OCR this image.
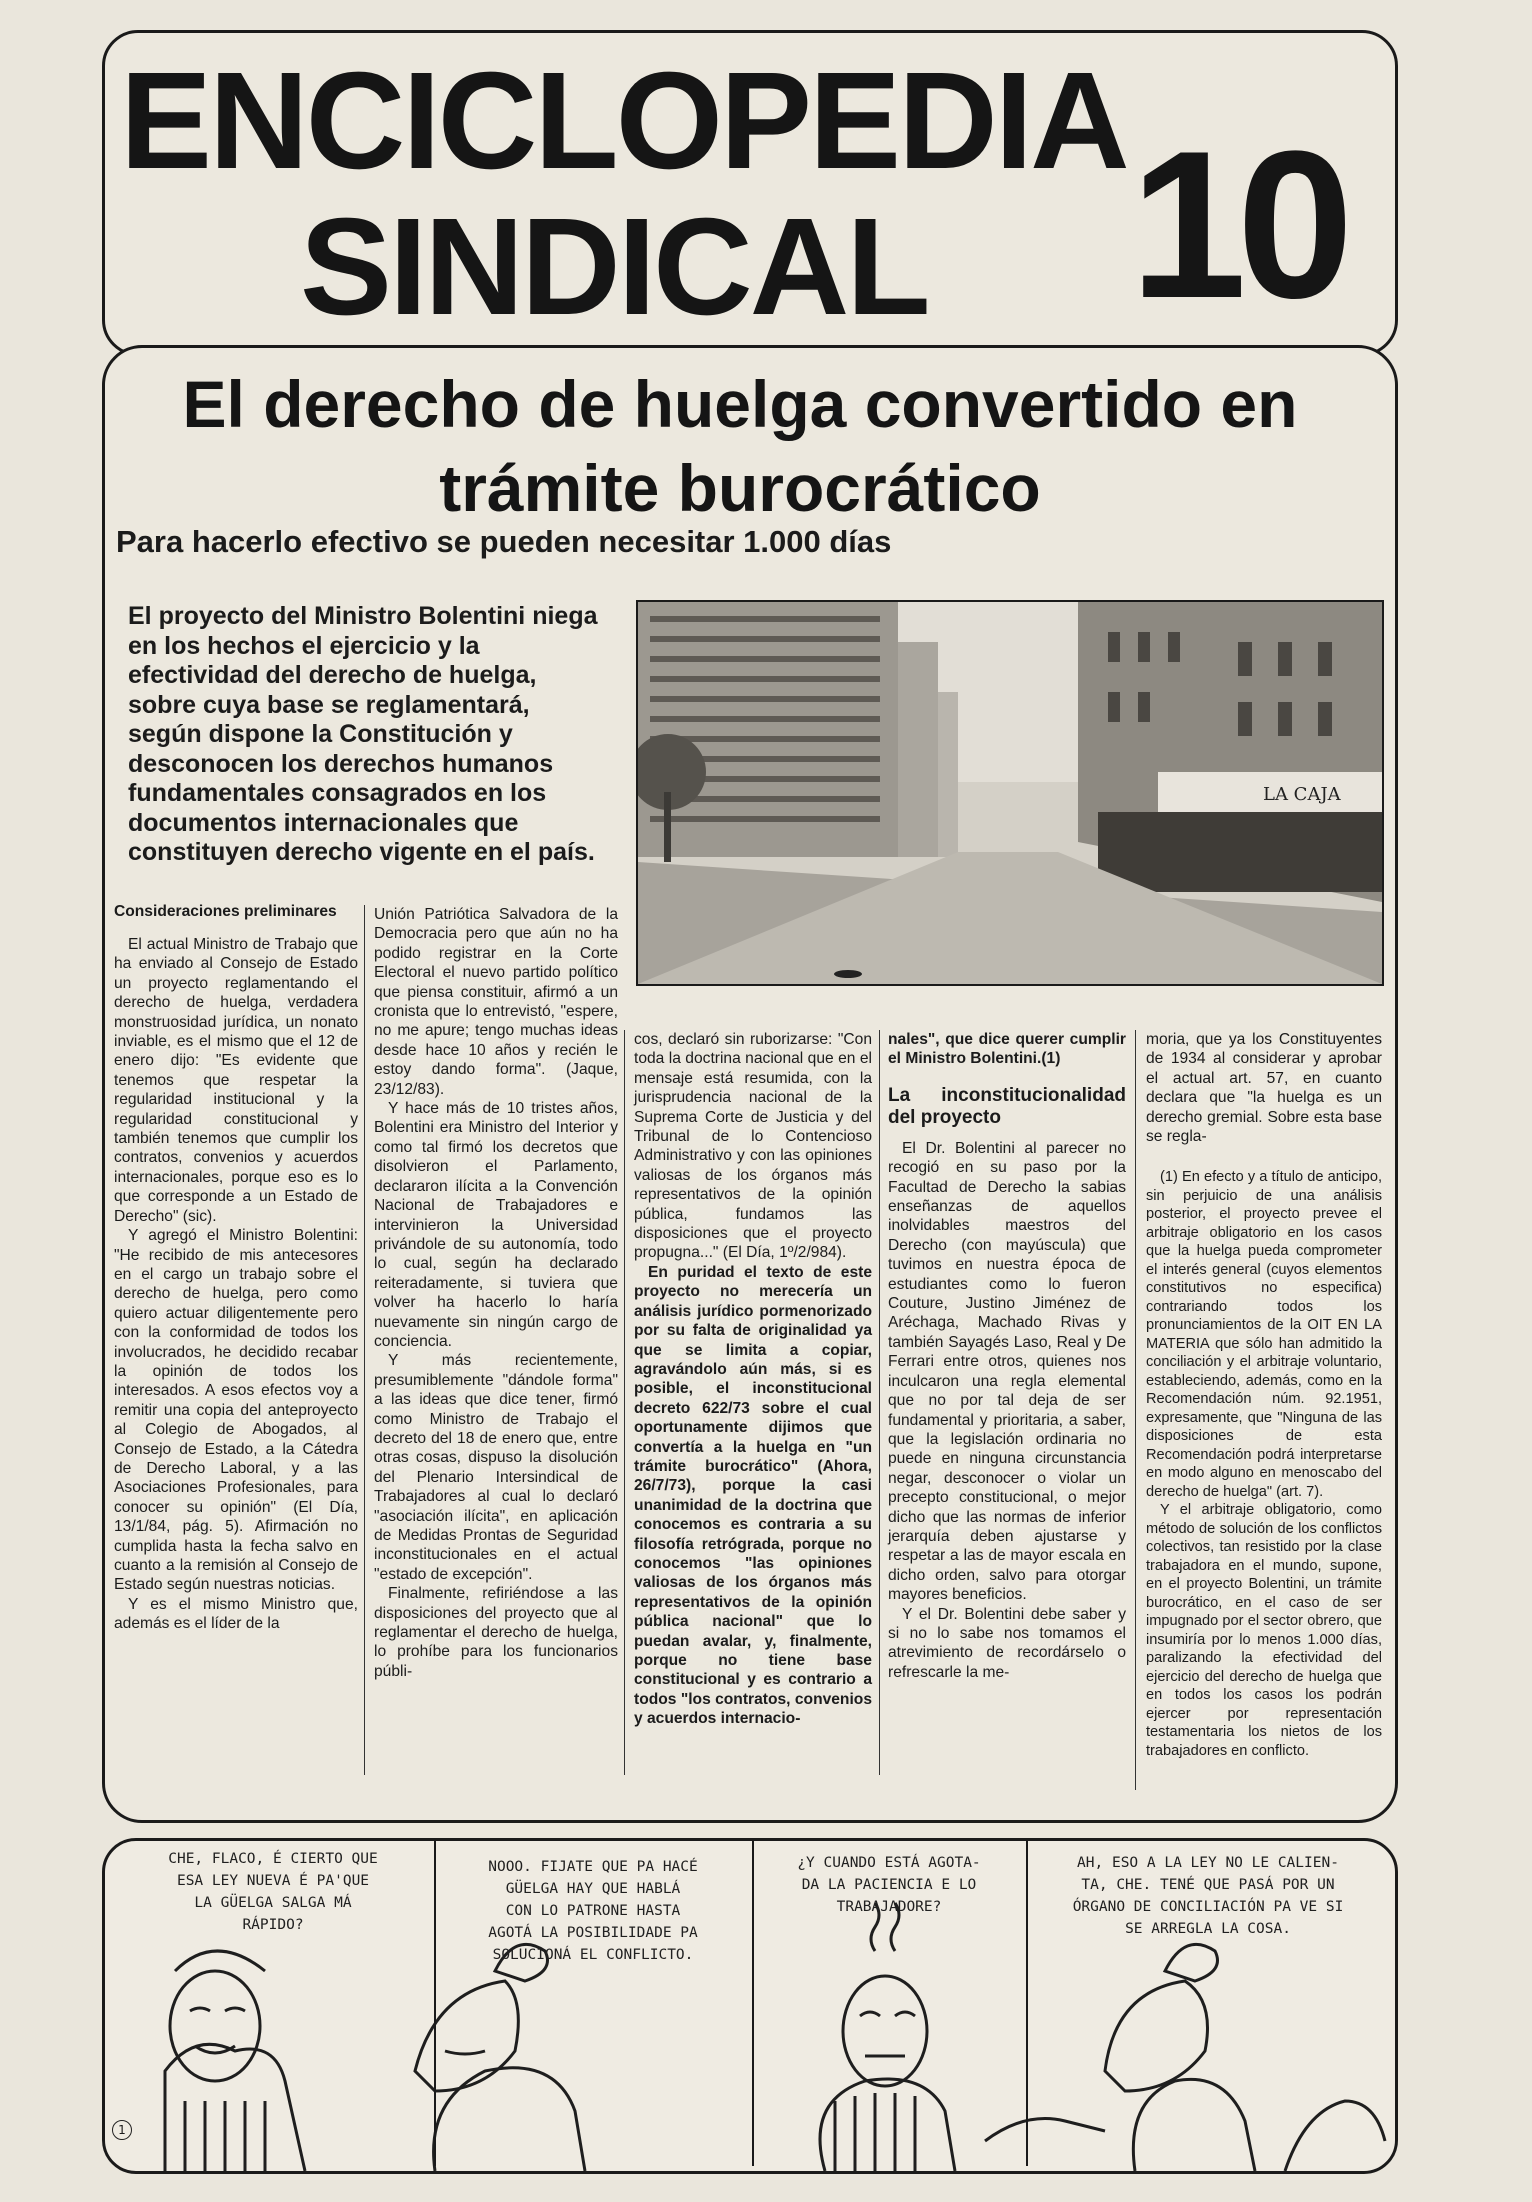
ENCICLOPEDIA
SINDICAL 10
El derecho de huelga convertido en trámite burocrático
Para hacerlo efectivo se pueden necesitar 1.000 días
El proyecto del Ministro Bolentini niega en los hechos el ejercicio y la efectividad del derecho de huelga, sobre cuya base se reglamentará, según dispone la Constitución y desconocen los derechos humanos fundamentales consagrados en los documentos internacionales que constituyen derecho vigente en el país.
LA CAJA
Consideraciones preliminares

El actual Ministro de Trabajo que ha enviado al Consejo de Estado un proyecto reglamentando el derecho de huelga, verdadera monstruosidad jurídica, un nonato inviable, es el mismo que el 12 de enero dijo: "Es evidente que tenemos que respetar la regularidad institucional y la regularidad constitucional y también tenemos que cumplir los contratos, convenios y acuerdos internacionales, porque eso es lo que corresponde a un Estado de Derecho" (sic).

Y agregó el Ministro Bolentini: "He recibido de mis antecesores en el cargo un trabajo sobre el derecho de huelga, pero como quiero actuar diligentemente pero con la conformidad de todos los involucrados, he decidido recabar la opinión de todos los interesados. A esos efectos voy a remitir una copia del anteproyecto al Colegio de Abogados, al Consejo de Estado, a la Cátedra de Derecho Laboral, y a las Asociaciones Profesionales, para conocer su opinión" (El Día, 13/1/84, pág. 5). Afirmación no cumplida hasta la fecha salvo en cuanto a la remisión al Consejo de Estado según nuestras noticias.

Y es el mismo Ministro que, además es el líder de la

Unión Patriótica Salvadora de la Democracia pero que aún no ha podido registrar en la Corte Electoral el nuevo partido político que piensa constituir, afirmó a un cronista que lo entrevistó, "espere, no me apure; tengo muchas ideas desde hace 10 años y recién le estoy dando forma". (Jaque, 23/12/83).

Y hace más de 10 tristes años, Bolentini era Ministro del Interior y como tal firmó los decretos que disolvieron el Parlamento, declararon ilícita a la Convención Nacional de Trabajadores e intervinieron la Universidad privándole de su autonomía, todo lo cual, según ha declarado reiteradamente, si tuviera que volver ha hacerlo lo haría nuevamente sin ningún cargo de conciencia.

Y más recientemente, presumiblemente "dándole forma" a las ideas que dice tener, firmó como Ministro de Trabajo el decreto del 18 de enero que, entre otras cosas, dispuso la disolución del Plenario Intersindical de Trabajadores al cual lo declaró "asociación ilícita", en aplicación de Medidas Prontas de Seguridad inconstitucionales en el actual "estado de excepción".

Finalmente, refiriéndose a las disposiciones del proyecto que al reglamentar el derecho de huelga, lo prohíbe para los funcionarios públi-

cos, declaró sin ruborizarse: "Con toda la doctrina nacional que en el mensaje está resumida, con la jurisprudencia nacional de la Suprema Corte de Justicia y del Tribunal de lo Contencioso Administrativo y con las opiniones valiosas de los órganos más representativos de la opinión pública, fundamos las disposiciones que el proyecto propugna..." (El Día, 1º/2/984).

En puridad el texto de este proyecto no merecería un análisis jurídico pormenorizado por su falta de originalidad ya que se limita a copiar, agravándolo aún más, si es posible, el inconstitucional decreto 622/73 sobre el cual oportunamente dijimos que convertía a la huelga en "un trámite burocrático" (Ahora, 26/7/73), porque la casi unanimidad de la doctrina que conocemos es contraria a su filosofía retrógrada, porque no conocemos "las opiniones valiosas de los órganos más representativos de la opinión pública nacional" que lo puedan avalar, y, finalmente, porque no tiene base constitucional y es contrario a todos "los contratos, convenios y acuerdos internacio-

nales", que dice querer cumplir el Ministro Bolentini.(1)

La inconstitucionalidad del proyecto

El Dr. Bolentini al parecer no recogió en su paso por la Facultad de Derecho la sabias enseñanzas de aquellos inolvidables maestros del Derecho (con mayúscula) que tuvimos en nuestra época de estudiantes como lo fueron Couture, Justino Jiménez de Aréchaga, Machado Rivas y también Sayagés Laso, Real y De Ferrari entre otros, quienes nos inculcaron una regla elemental que no por tal deja de ser fundamental y prioritaria, a saber, que la legislación ordinaria no puede en ninguna circunstancia negar, desconocer o violar un precepto constitucional, o mejor dicho que las normas de inferior jerarquía deben ajustarse y respetar a las de mayor escala en dicho orden, salvo para otorgar mayores beneficios.

Y el Dr. Bolentini debe saber y si no lo sabe nos tomamos el atrevimiento de recordárselo o refrescarle la me-

moria, que ya los Constituyentes de 1934 al considerar y aprobar el actual art. 57, en cuanto declara que "la huelga es un derecho gremial. Sobre esta base se regla-

(1) En efecto y a título de anticipo, sin perjuicio de una análisis posterior, el proyecto prevee el arbitraje obligatorio en los casos que la huelga pueda comprometer el interés general (cuyos elementos constitutivos no especifica) contrariando todos los pronunciamientos de la OIT EN LA MATERIA que sólo han admitido la conciliación y el arbitraje voluntario, estableciendo, además, como en la Recomendación núm. 92.1951, expresamente, que "Ninguna de las disposiciones de esta Recomendación podrá interpretarse en modo alguno en menoscabo del derecho de huelga" (art. 7).

Y el arbitraje obligatorio, como método de solución de los conflictos colectivos, tan resistido por la clase trabajadora en el mundo, supone, en el proyecto Bolentini, un trámite burocrático, en el caso de ser impugnado por el sector obrero, que insumiría por lo menos 1.000 días, paralizando la efectividad del ejercicio del derecho de huelga que en todos los casos los podrán ejercer por representación testamentaria los nietos de los trabajadores en conflicto.

CHE, FLACO, É CIERTO QUE
ESA LEY NUEVA É PA'QUE
LA GÜELGA SALGA MÁ
RÁPIDO?
NOOO. FIJATE QUE PA HACÉ
GÜELGA HAY QUE HABLÁ
CON LO PATRONE HASTA
AGOTÁ LA POSIBILIDADE PA
SOLUCIONÁ EL CONFLICTO.
¿Y CUANDO ESTÁ AGOTA-
DA LA PACIENCIA E LO
TRABAJADORE?
AH, ESO A LA LEY NO LE CALIEN-
TA, CHE. TENÉ QUE PASÁ POR UN
ÓRGANO DE CONCILIACIÓN PA VE SI
SE ARREGLA LA COSA.
1
